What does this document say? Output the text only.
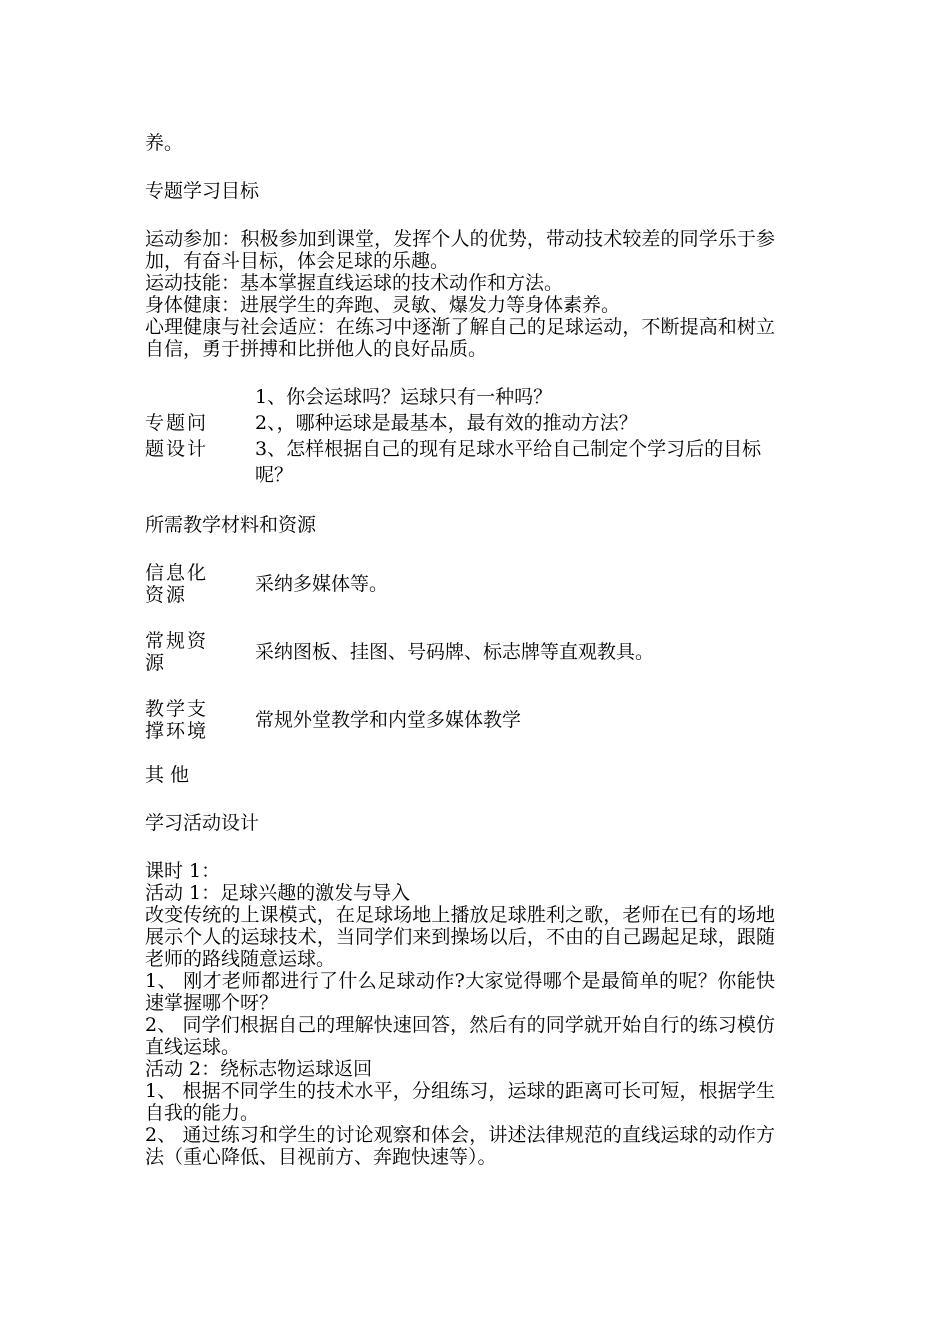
养。
专题学习目标
运动参加：积极参加到课堂，发挥个人的优势，带动技术较差的同学乐于参加，有奋斗目标，体会足球的乐趣。
运动技能：基本掌握直线运球的技术动作和方法。
身体健康：进展学生的奔跑、灵敏、爆发力等身体素养。
心理健康与社会适应：在练习中逐渐了解自己的足球运动，不断提高和树立自信，勇于拼搏和比拼他人的良好品质。
专题问题设计
1、你会运球吗？运球只有一种吗？
2、，哪种运球是最基本，最有效的推动方法？
3、怎样根据自己的现有足球水平给自己制定个学习后的目标呢？
所需教学材料和资源
信息化资源	采纳多媒体等。
常规资源	采纳图板、挂图、号码牌、标志牌等直观教具。
教学支撑环境	常规外堂教学和内堂多媒体教学
其 他
学习活动设计
课时 1：
活动 1：足球兴趣的激发与导入
改变传统的上课模式，在足球场地上播放足球胜利之歌，老师在已有的场地展示个人的运球技术，当同学们来到操场以后，不由的自己踢起足球，跟随老师的路线随意运球。
1、 刚才老师都进行了什么足球动作?大家觉得哪个是最简单的呢？你能快速掌握哪个呀？
2、 同学们根据自己的理解快速回答，然后有的同学就开始自行的练习模仿直线运球。
活动 2：绕标志物运球返回
1、 根据不同学生的技术水平，分组练习，运球的距离可长可短，根据学生自我的能力。
2、 通过练习和学生的讨论观察和体会，讲述法律规范的直线运球的动作方法（重心降低、目视前方、奔跑快速等）。
